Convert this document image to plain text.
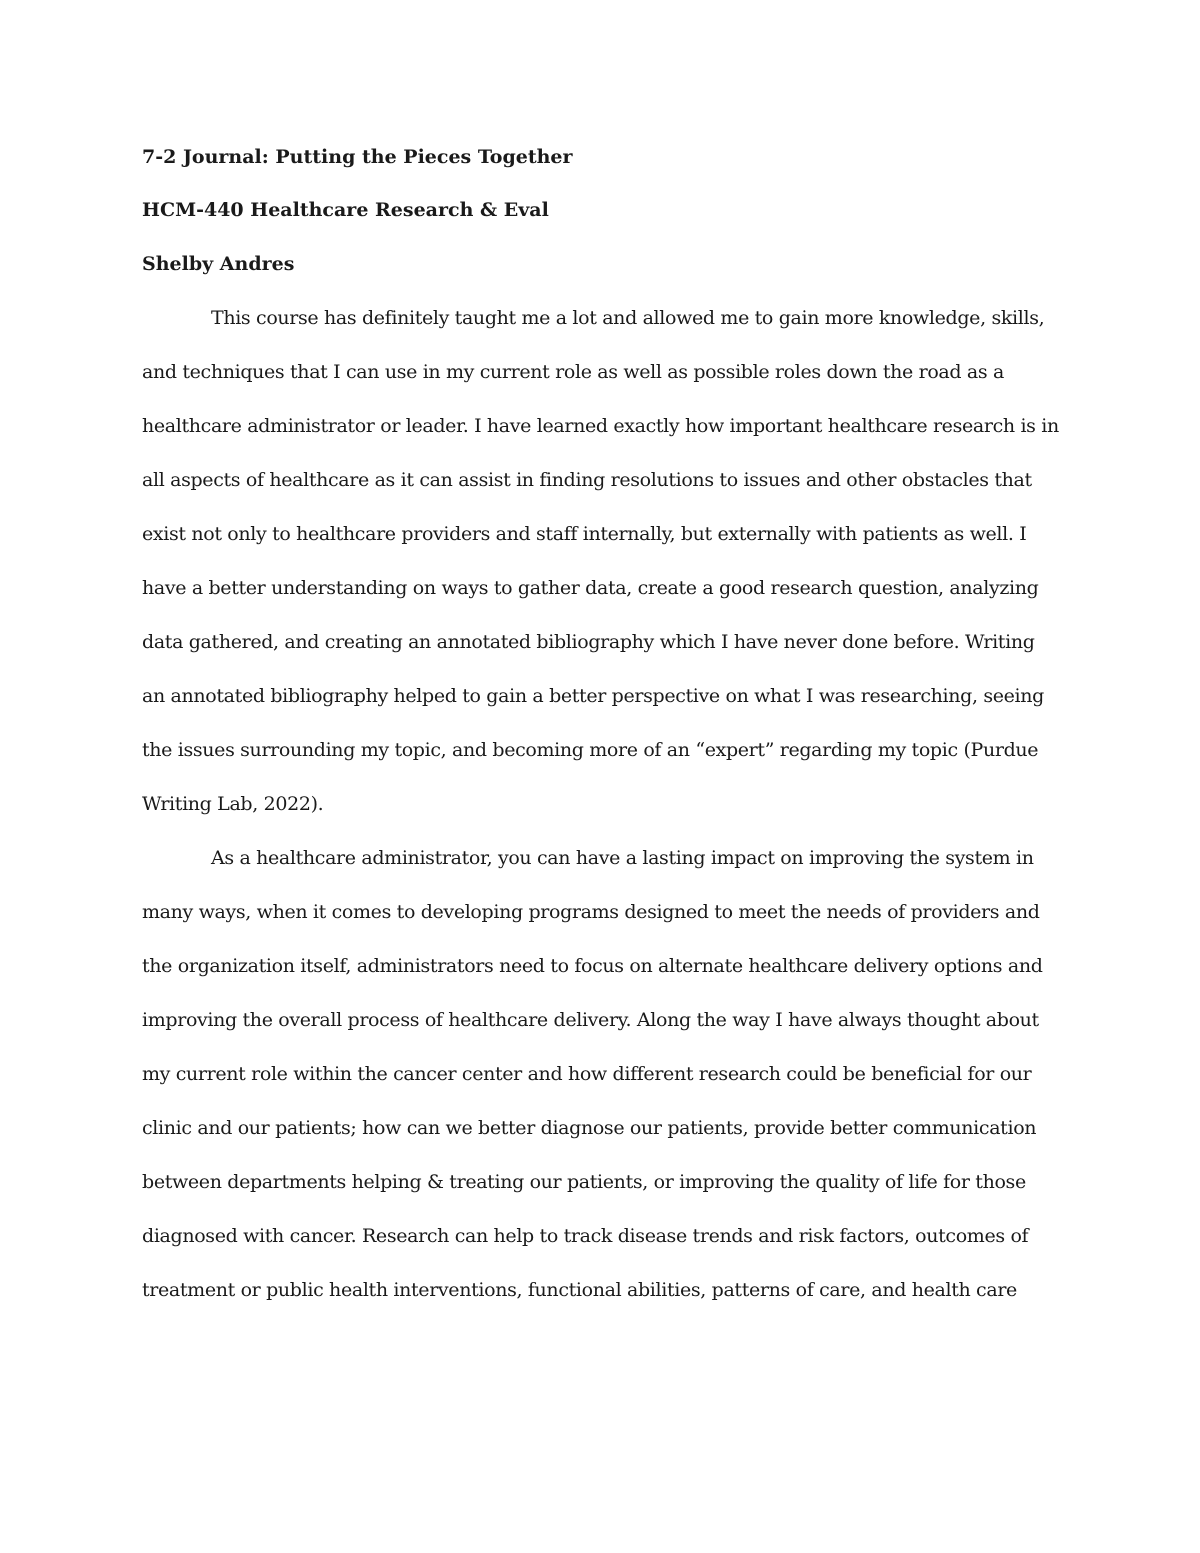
7-2 Journal: Putting the Pieces Together

HCM-440 Healthcare Research & Eval

Shelby Andres

This course has definitely taught me a lot and allowed me to gain more knowledge, skills, and techniques that I can use in my current role as well as possible roles down the road as a healthcare administrator or leader. I have learned exactly how important healthcare research is in all aspects of healthcare as it can assist in finding resolutions to issues and other obstacles that exist not only to healthcare providers and staff internally, but externally with patients as well. I have a better understanding on ways to gather data, create a good research question, analyzing data gathered, and creating an annotated bibliography which I have never done before. Writing an annotated bibliography helped to gain a better perspective on what I was researching, seeing the issues surrounding my topic, and becoming more of an “expert” regarding my topic (Purdue Writing Lab, 2022).

As a healthcare administrator, you can have a lasting impact on improving the system in many ways, when it comes to developing programs designed to meet the needs of providers and the organization itself, administrators need to focus on alternate healthcare delivery options and improving the overall process of healthcare delivery. Along the way I have always thought about my current role within the cancer center and how different research could be beneficial for our clinic and our patients; how can we better diagnose our patients, provide better communication between departments helping & treating our patients, or improving the quality of life for those diagnosed with cancer. Research can help to track disease trends and risk factors, outcomes of treatment or public health interventions, functional abilities, patterns of care, and health care
